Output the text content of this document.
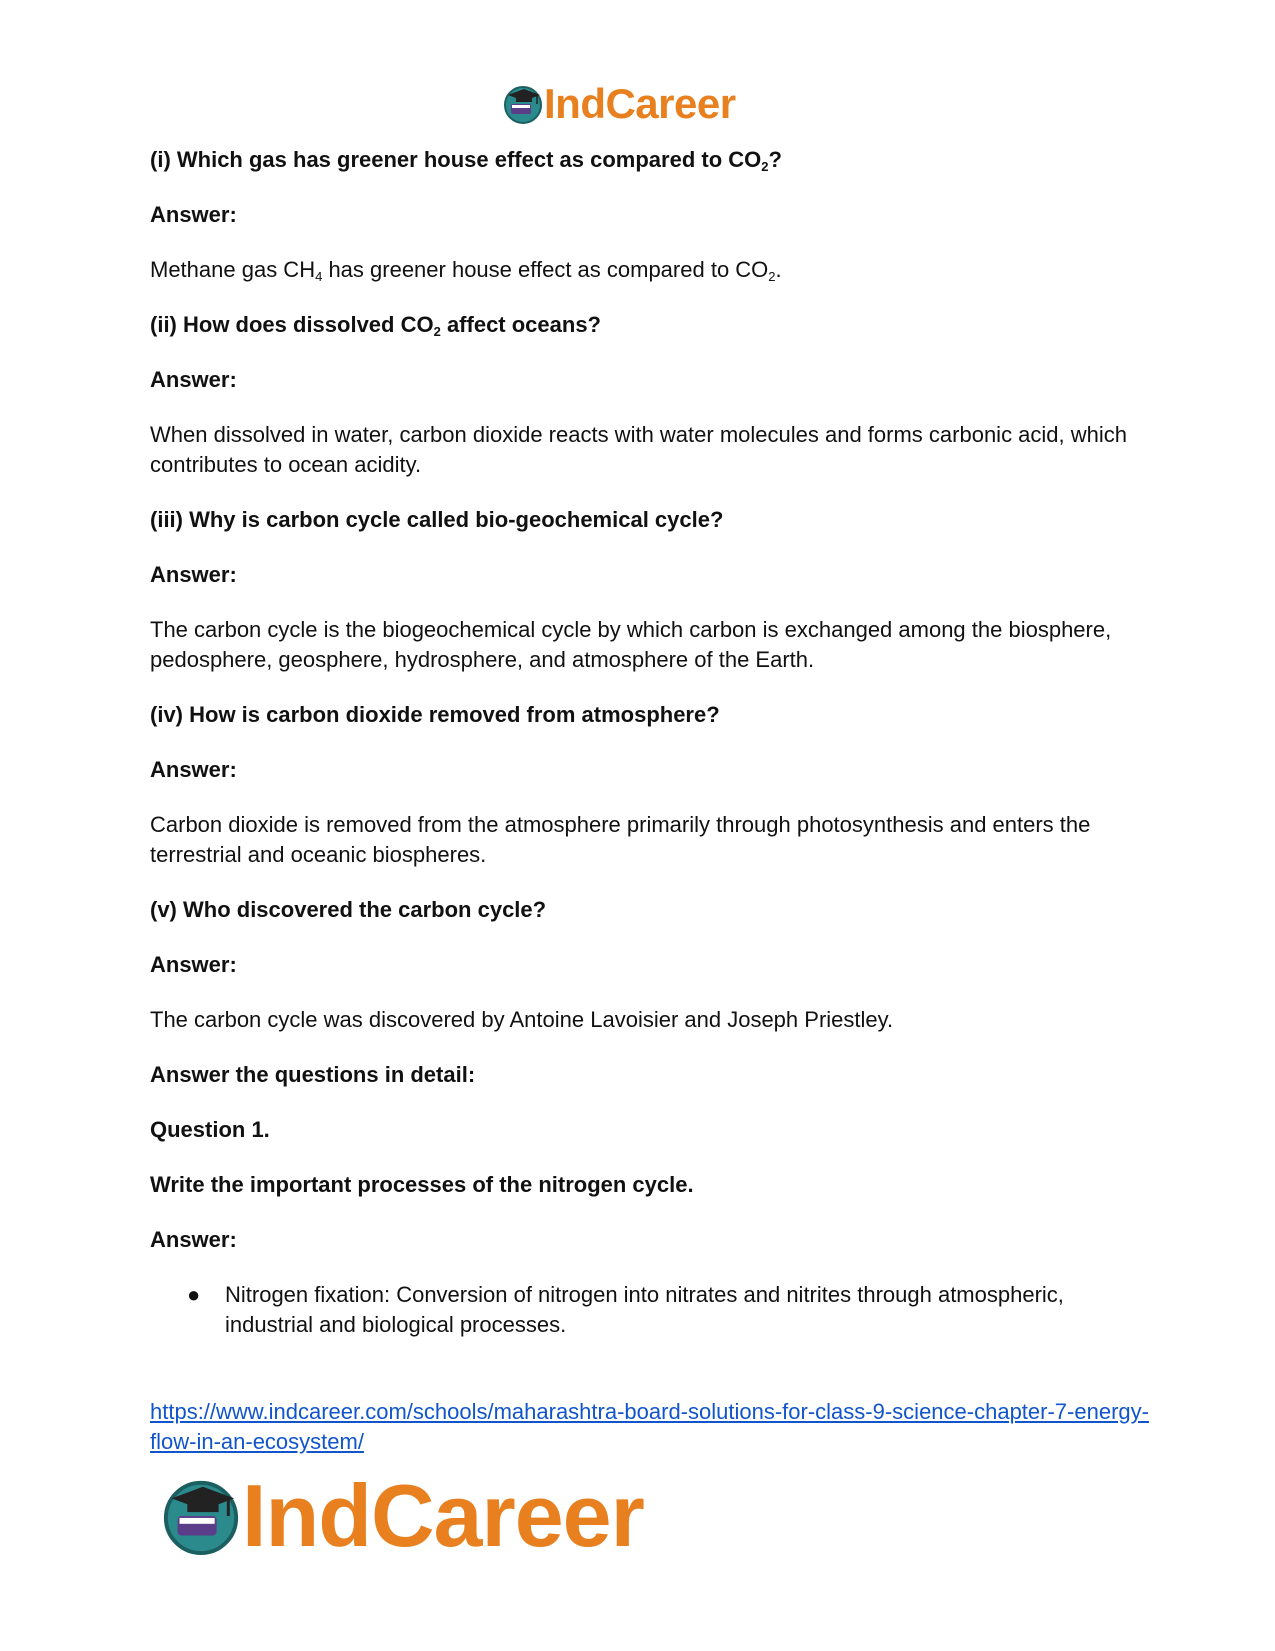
IndCareer

(i) Which gas has greener house effect as compared to $CO_2$?

Answer:

Methane gas $CH_4$ has greener house effect as compared to $CO_2$.

(ii) How does dissolved $CO_2$ affect oceans?

Answer:

When dissolved in water, carbon dioxide reacts with water molecules and forms carbonic acid, which contributes to ocean acidity.

(iii) Why is carbon cycle called bio-geochemical cycle?

Answer:

The carbon cycle is the biogeochemical cycle by which carbon is exchanged among the biosphere, pedosphere, geosphere, hydrosphere, and atmosphere of the Earth.

(iv) How is carbon dioxide removed from atmosphere?

Answer:

Carbon dioxide is removed from the atmosphere primarily through photosynthesis and enters the terrestrial and oceanic biospheres.

(v) Who discovered the carbon cycle?

Answer:

The carbon cycle was discovered by Antoine Lavoisier and Joseph Priestley.

Answer the questions in detail:

Question 1.

Write the important processes of the nitrogen cycle.

Answer:

●	Nitrogen fixation: Conversion of nitrogen into nitrates and nitrites through atmospheric, industrial and biological processes.
https://www.indcareer.com/schools/maharashtra-board-solutions-for-class-9-science-chapter-7-energy-flow-in-an-ecosystem/
IndCareer
